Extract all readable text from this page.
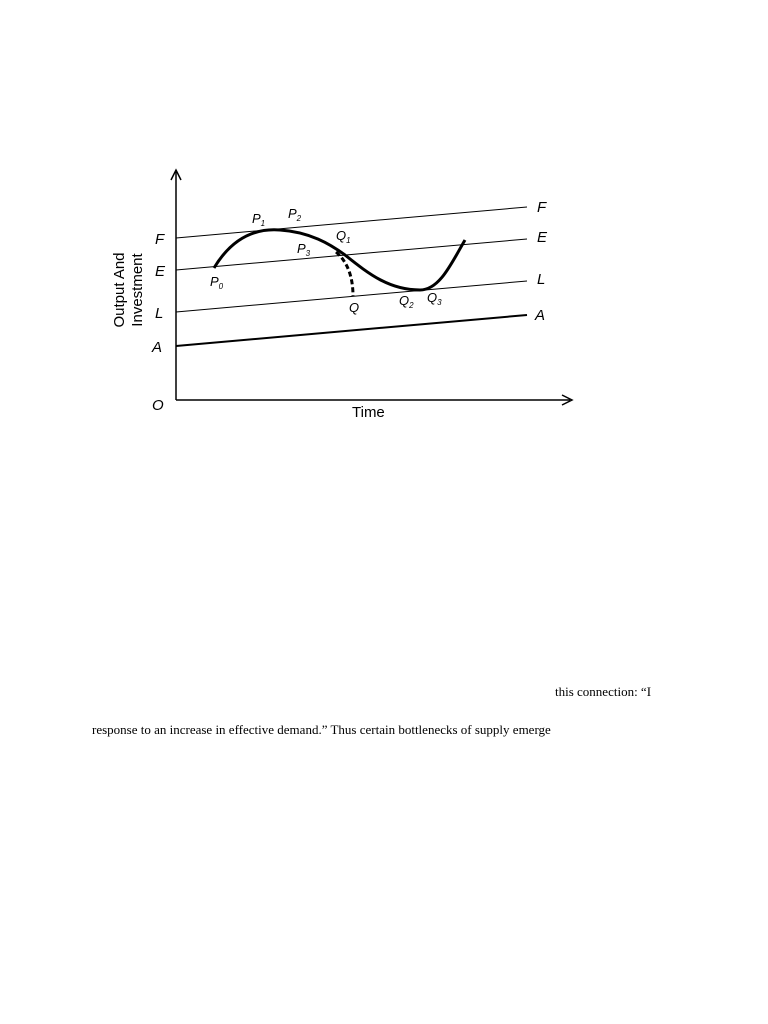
F
E
L
A
O
F
E
L
A
Output And Investment
Time
$P_0$
$P_1$
$P_2$
$P_3$
$Q_1$
Q	$Q_2$
$Q_3$
this connection: “I
response to an increase in effective demand.” Thus certain bottlenecks of supply emerge
